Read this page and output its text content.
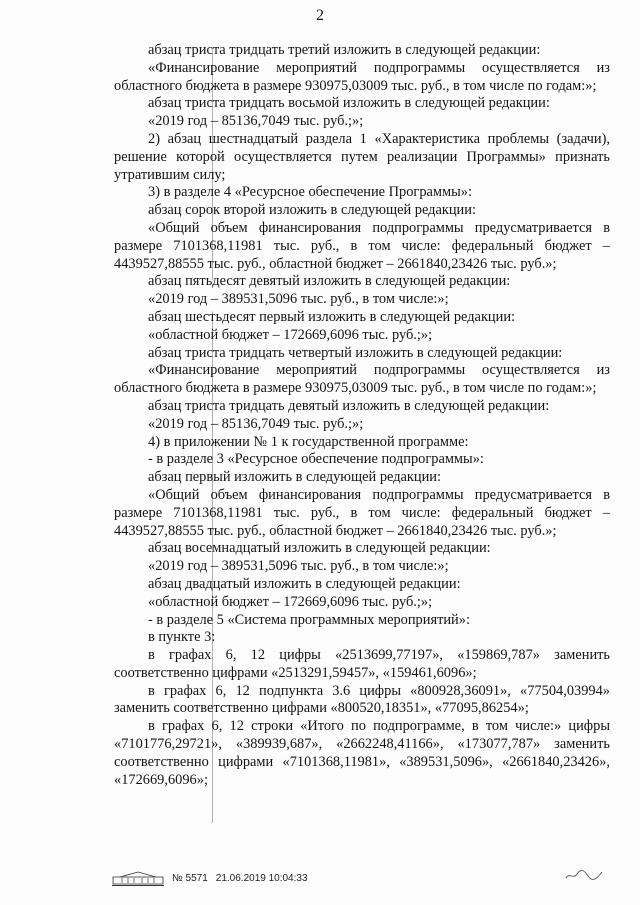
2

абзац триста тридцать третий изложить в следующей редакции:

«Финансирование мероприятий подпрограммы осуществляется из областного бюджета в размере 930975,03009 тыс. руб., в том числе по годам:»;

абзац триста тридцать восьмой изложить в следующей редакции:

«2019 год – 85136,7049 тыс. руб.;»;

2) абзац шестнадцатый раздела 1 «Характеристика проблемы (задачи), решение которой осуществляется путем реализации Программы» признать утратившим силу;

3) в разделе 4 «Ресурсное обеспечение Программы»:

абзац сорок второй изложить в следующей редакции:

«Общий объем финансирования подпрограммы предусматривается в размере 7101368,11981 тыс. руб., в том числе: федеральный бюджет – 4439527,88555 тыс. руб., областной бюджет – 2661840,23426 тыс. руб.»;

абзац пятьдесят девятый изложить в следующей редакции:

«2019 год – 389531,5096 тыс. руб., в том числе:»;

абзац шестьдесят первый изложить в следующей редакции:

«областной бюджет – 172669,6096 тыс. руб.;»;

абзац триста тридцать четвертый изложить в следующей редакции:

«Финансирование мероприятий подпрограммы осуществляется из областного бюджета в размере 930975,03009 тыс. руб., в том числе по годам:»;

абзац триста тридцать девятый изложить в следующей редакции:

«2019 год – 85136,7049 тыс. руб.;»;

4) в приложении № 1 к государственной программе:

- в разделе 3 «Ресурсное обеспечение подпрограммы»:

абзац первый изложить в следующей редакции:

«Общий объем финансирования подпрограммы предусматривается в размере 7101368,11981 тыс. руб., в том числе: федеральный бюджет – 4439527,88555 тыс. руб., областной бюджет – 2661840,23426 тыс. руб.»;

абзац восемнадцатый изложить в следующей редакции:

«2019 год – 389531,5096 тыс. руб., в том числе:»;

абзац двадцатый изложить в следующей редакции:

«областной бюджет – 172669,6096 тыс. руб.;»;

- в разделе 5 «Система программных мероприятий»:

в пункте 3:

в графах 6, 12 цифры «2513699,77197», «159869,787» заменить соответственно цифрами «2513291,59457», «159461,6096»;

в графах 6, 12 подпункта 3.6 цифры «800928,36091», «77504,03994» заменить соответственно цифрами «800520,18351», «77095,86254»;

в графах 6, 12 строки «Итого по подпрограмме, в том числе:» цифры «7101776,29721», «389939,687», «2662248,41166», «173077,787» заменить соответственно цифрами «7101368,11981», «389531,5096», «2661840,23426», «172669,6096»;

№ 5571 21.06.2019 10:04:33
